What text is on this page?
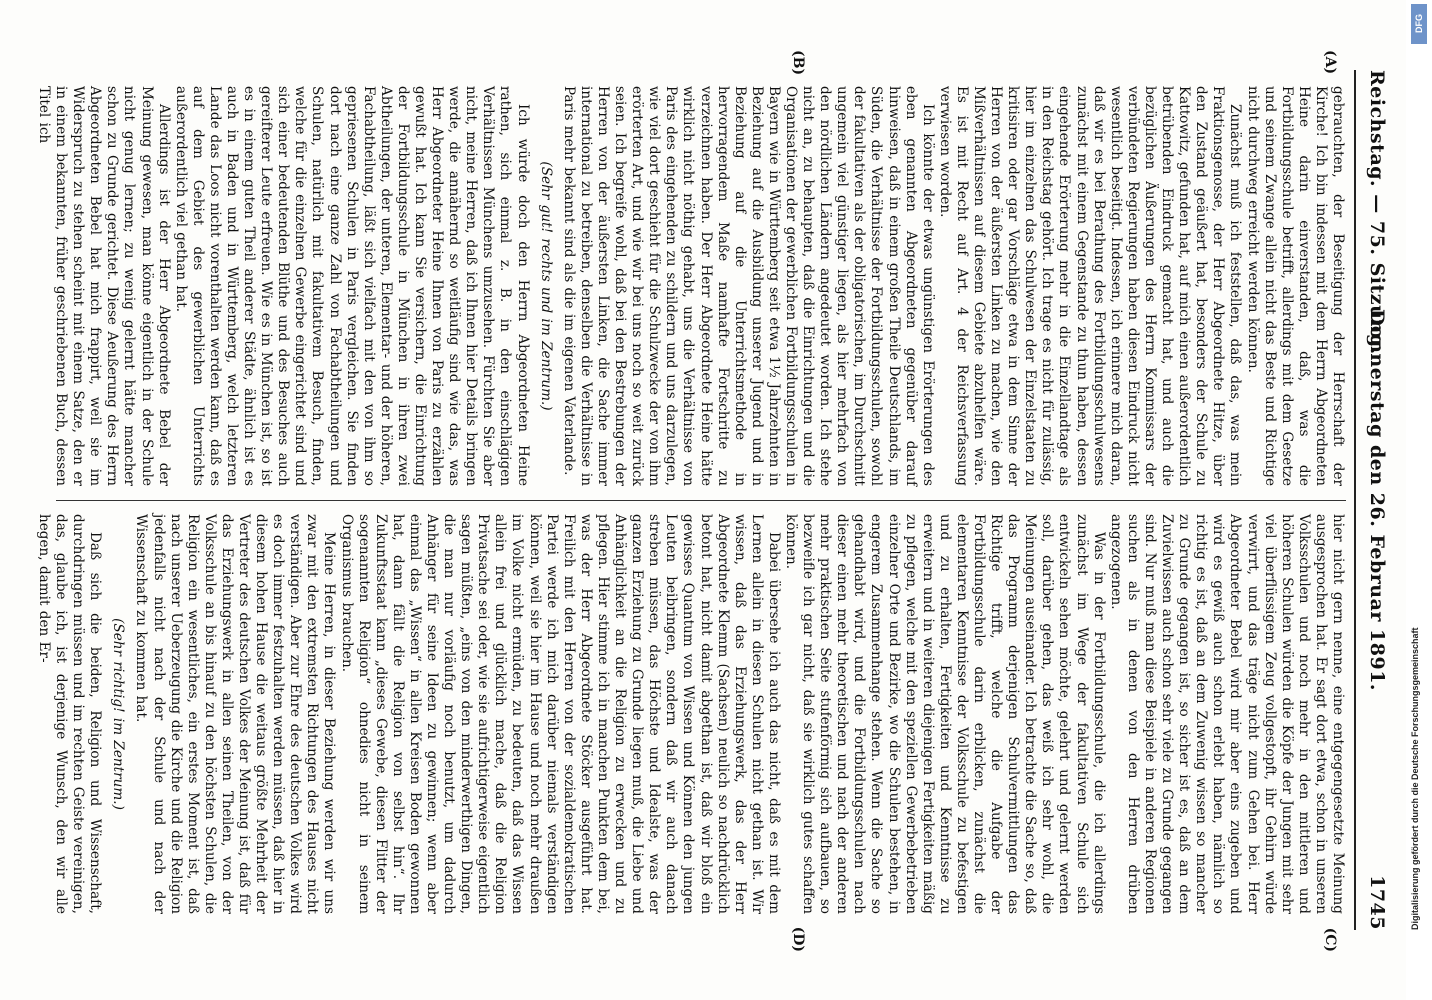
Reichstag. — 75. Sitzung.
Donnerstag den 26. Februar 1891.
1745
(A)
(B)
(C)
(D)

gebrauchten, der Beseitigung der Herrschaft der Kirche! Ich bin indessen mit dem Herrn Abgeordneten Heine darin einverstanden, daß, was die Fortbildungsschule betrifft, allerdings mit dem Gesetze und seinem Zwange allein nicht das Beste und Richtige nicht durchweg erreicht werden können.

Zunächst muß ich feststellen, daß das, was mein Fraktionsgenosse, der Herr Abgeordnete Hitze, über den Zustand geäußert hat, besonders der Schule zu Kattowitz, gefunden hat, auf mich einen außerordentlich betrübenden Eindruck gemacht hat, und auch die bezüglichen Äußerungen des Herrn Kommissars der verbündeten Regierungen haben diesen Eindruck nicht wesentlich beseitigt. Indessen, ich erinnere mich daran, daß wir es bei Berathung des Fortbildungsschulwesens zunächst mit einem Gegenstande zu thun haben, dessen eingehende Erörterung mehr in die Einzellandtage als in den Reichstag gehört. Ich trage es nicht für zulässig, hier im einzelnen das Schulwesen der Einzelstaaten zu kritisiren oder gar Vorschläge etwa in dem Sinne der Herren von der äußersten Linken zu machen, wie den Mißverhältnissen auf diesem Gebiete abzuhelfen wäre. Es ist mit Recht auf Art. 4 der Reichsverfassung verwiesen worden.

Ich könnte der etwas ungünstigen Erörterungen des eben genannten Abgeordneten gegenüber darauf hinweisen, daß in einem großen Theile Deutschlands, im Süden, die Verhältnisse der Fortbildungsschulen, sowohl der fakultativen als der obligatorischen, im Durchschnitt ungemein viel günstiger liegen, als hier mehrfach von den nördlichen Ländern angedeutet worden. Ich stehe nicht an, zu behaupten, daß die Einrichtungen und die Organisationen der gewerblichen Fortbildungsschulen in Bayern wie in Württemberg seit etwa 1½ Jahrzehnten in Beziehung auf die Ausbildung unserer Jugend und in Beziehung auf die Unterrichtsmethode in hervorragendem Maße namhafte Fortschritte zu verzeichnen haben. Der Herr Abgeordnete Heine hätte wirklich nicht nöthig gehabt, uns die Verhältnisse von Paris des eingehenden zu schildern und uns darzulegen, wie viel dort geschieht für die Schulzwecke der von ihm erörterten Art, und wie wir bei uns noch so weit zurück seien. Ich begreife wohl, daß bei den Bestrebungen der Herren von der äußersten Linken, die Sache immer international zu betreiben, denselben die Verhältnisse in Paris mehr bekannt sind als die im eigenen Vaterlande.

(Sehr gut! rechts und im Zentrum.)

Ich würde doch den Herrn Abgeordneten Heine rathen, sich einmal z. B. in den einschlägigen Verhältnissen Münchens umzusehen. Fürchten Sie aber nicht, meine Herren, daß ich Ihnen hier Details bringen werde, die annähernd so weitläufig sind wie das, was Herr Abgeordneter Heine Ihnen von Paris zu erzählen gewußt hat. Ich kann Sie versichern, die Einrichtung der Fortbildungsschule in München in ihren zwei Abtheilungen, der unteren, Elementar- und der höheren, Fachabtheilung, läßt sich vielfach mit den von ihm so gepriesenen Schulen in Paris vergleichen. Sie finden dort nach eine ganze Zahl von Fachabtheilungen und Schulen, natürlich mit fakultativem Besuch, finden, welche für die einzelnen Gewerbe eingerichtet sind und sich einer bedeutenden Blüthe und des Besuches auch gereifterer Leute erfreuen. Wie es in München ist, so ist es in einem guten Theil anderer Städte, ähnlich ist es auch in Baden und in Württemberg, welch letzteren Lande das Loos nicht vorenthalten werden kann, daß es auf dem Gebiet des gewerblichen Unterrichts außerordentlich viel gethan hat.

Allerdings ist der Herr Abgeordnete Bebel der Meinung gewesen, man könne eigentlich in der Schule nicht genug lernen; zu wenig gelernt hätte mancher schon zu Grunde gerichtet. Diese Aeußerung des Herrn Abgeordneten Bebel hat mich frappirt, weil sie im Widerspruch zu stehen scheint mit einem Satze, den er in einem bekannten, früher geschriebenen Buch, dessen Titel ich

hier nicht gern nenne, eine entgegengesetzte Meinung ausgesprochen hat. Er sagt dort etwa, schon in unseren Volksschulen und noch mehr in den mittleren und höheren Schulen würden die Köpfe der Jungen mit sehr viel überflüssigem Zeug vollgestopft, ihr Gehirn würde verwirrt, und das träge nicht zum Gehen bei. Herr Abgeordneter Bebel wird mir aber eins zugeben und wird es gewiß auch schon erlebt haben, nämlich so richtig es ist, daß an dem Zuwenig wissen so mancher zu Grunde gegangen ist, so sicher ist es, daß an dem Zuvielwissen auch schon sehr viele zu Grunde gegangen sind. Nur muß man diese Beispiele in anderen Regionen suchen als in denen von den Herren drüben angezogenen.

Was in der Fortbildungsschule, die ich allerdings zunächst im Wege der fakultativen Schule sich entwickeln sehen möchte, gelehrt und gelernt werden soll, darüber gehen, das weiß ich sehr wohl, die Meinungen auseinander. Ich betrachte die Sache so, daß das Programm derjenigen Schulvermittlungen das Richtige trifft, welche die Aufgabe der Fortbildungsschule darin erblicken, zunächst die elementaren Kenntnisse der Volksschule zu befestigen und zu erhalten, Fertigkeiten und Kenntnisse zu erweitern und in weiteren diejenigen Fertigkeiten mäßig zu pflegen, welche mit den speziellen Gewerbebetrieben einzelner Orte und Bezirke, wo die Schulen bestehen, in engerem Zusammenhange stehen. Wenn die Sache so gehandhabt wird, und die Fortbildungsschulen nach dieser einen mehr theoretischen und nach der anderen mehr praktischen Seite stufenförmig sich aufbauen, so bezweifle ich gar nicht, daß sie wirklich gutes schaffen können.

Dabei übersehe ich auch das nicht, daß es mit dem Lernen allein in diesen Schulen nicht gethan ist. Wir wissen, daß das Erziehungswerk, das der Herr Abgeordnete Klemm (Sachsen) neulich so nachdrücklich betont hat, nicht damit abgethan ist, daß wir bloß ein gewisses Quantum von Wissen und Können den jungen Leuten beibringen, sondern daß wir auch danach streben müssen, das Höchste und Idealste, was der ganzen Erziehung zu Grunde liegen muß, die Liebe und Anhänglichkeit an die Religion zu erwecken und zu pflegen. Hier stimme ich in manchen Punkten dem bei, was der Herr Abgeordnete Stöcker ausgeführt hat. Freilich mit den Herren von der sozialdemokratischen Partei werde ich mich darüber niemals verständigen können, weil sie hier im Hause und noch mehr draußen im Volke nicht ermüden, zu bedeuten, daß das Wissen allein frei und glücklich mache, daß die Religion Privatsache sei oder, wie sie aufrichtigerweise eigentlich sagen müßten, „eins von den minderwerthigen Dingen, die man nur vorläufig noch benutzt, um dadurch Anhänger für seine Ideen zu gewinnen; wenn aber einmal das „Wissen“ in allen Kreisen Boden gewonnen hat, dann fällt die Religion von selbst hin“. Ihr Zukunftsstaat kann „dieses Gewebe, diesen Flitter der sogenannten Religion“ ohnedies nicht in seinem Organismus brauchen.

Meine Herren, in dieser Beziehung werden wir uns zwar mit den extremsten Richtungen des Hauses nicht verständigen. Aber zur Ehre des deutschen Volkes wird es doch immer festzuhalten werden müssen, daß hier in diesem hohen Hause die weitaus größte Mehrheit der Vertreter des deutschen Volkes der Meinung ist, daß für das Erziehungswerk in allen seinen Theilen, von der Volksschule an bis hinauf zu den höchsten Schulen, die Religion ein wesentliches, ein erstes Moment ist, daß nach unserer Ueberzeugung die Kirche und die Religion jedenfalls nicht nach der Schule und nach der Wissenschaft zu kommen hat.

(Sehr richtig! im Zentrum.)

Daß sich die beiden, Religion und Wissenschaft, durchdringen müssen und im rechten Geiste vereinigen, das, glaube ich, ist derjenige Wunsch, den wir alle hegen, damit den Er-

DFG
Digitalisierung gefördert durch die Deutsche Forschungsgemeinschaft
